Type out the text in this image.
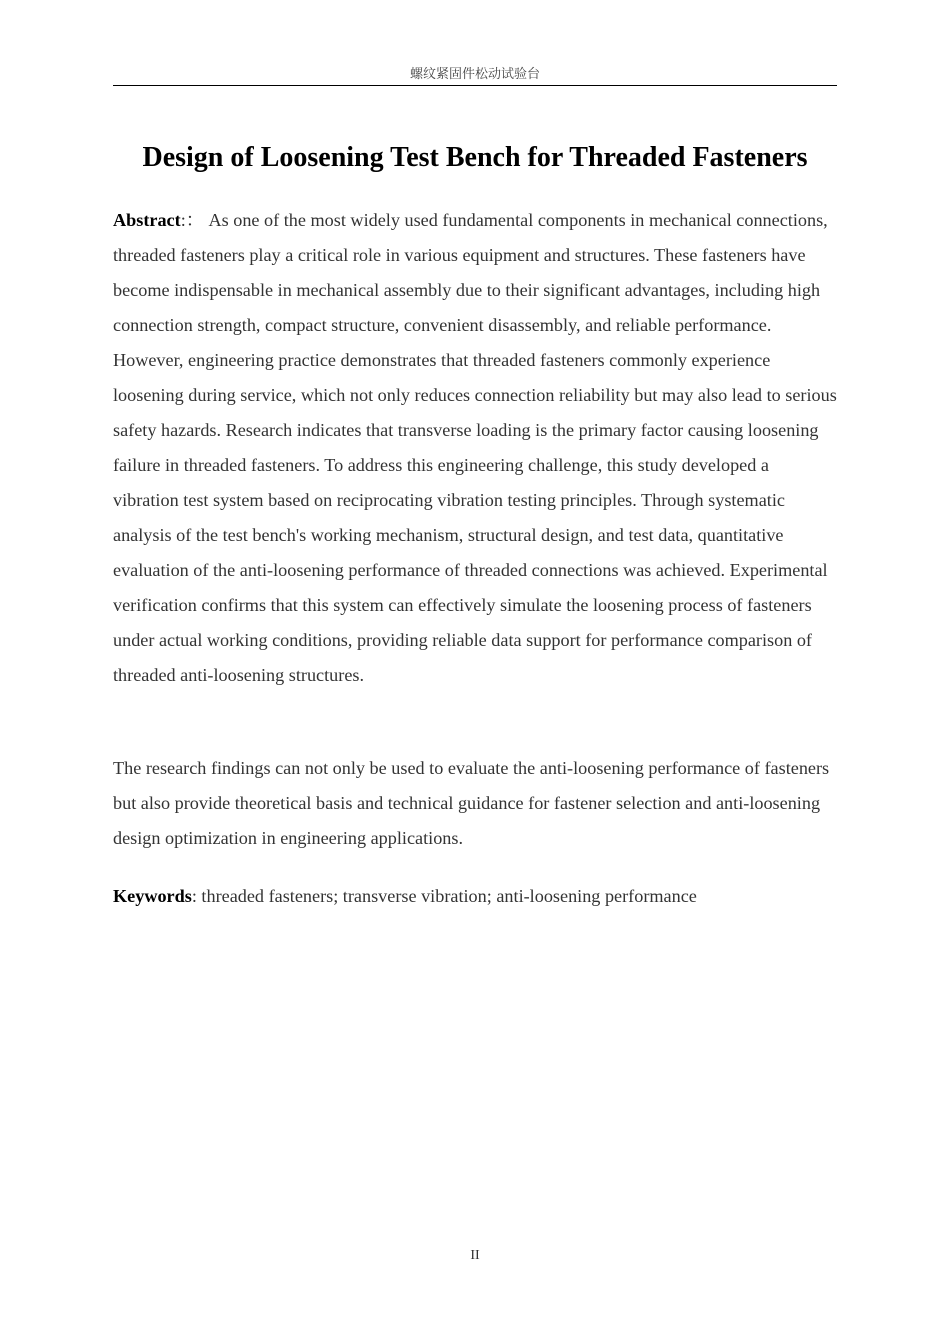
螺纹紧固件松动试验台
Design of Loosening Test Bench for Threaded Fasteners

Abstract:： As one of the most widely used fundamental components in mechanical connections, threaded fasteners play a critical role in various equipment and structures. These fasteners have become indispensable in mechanical assembly due to their significant advantages, including high connection strength, compact structure, convenient disassembly, and reliable performance. However, engineering practice demonstrates that threaded fasteners commonly experience loosening during service, which not only reduces connection reliability but may also lead to serious safety hazards. Research indicates that transverse loading is the primary factor causing loosening failure in threaded fasteners. To address this engineering challenge, this study developed a vibration test system based on reciprocating vibration testing principles. Through systematic analysis of the test bench's working mechanism, structural design, and test data, quantitative evaluation of the anti-loosening performance of threaded connections was achieved. Experimental verification confirms that this system can effectively simulate the loosening process of fasteners under actual working conditions, providing reliable data support for performance comparison of threaded anti-loosening structures.

The research findings can not only be used to evaluate the anti-loosening performance of fasteners but also provide theoretical basis and technical guidance for fastener selection and anti-loosening design optimization in engineering applications.

Keywords: threaded fasteners; transverse vibration; anti-loosening performance

II
